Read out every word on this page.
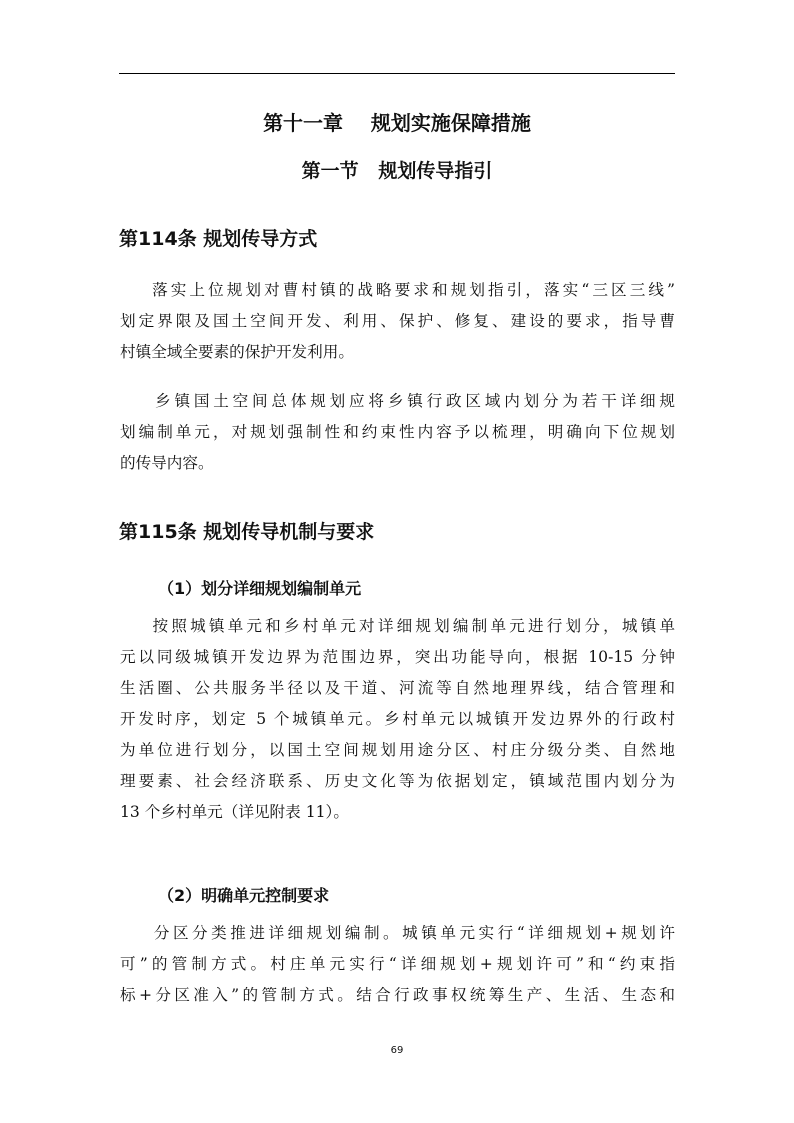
第十一章    规划实施保障措施
第一节   规划传导指引
第114条 规划传导方式
落实上位规划对曹村镇的战略要求和规划指引，落实“三区三线”
划定界限及国土空间开发、利用、保护、修复、建设的要求，指导曹
村镇全域全要素的保护开发利用。
乡镇国土空间总体规划应将乡镇行政区域内划分为若干详细规
划编制单元，对规划强制性和约束性内容予以梳理，明确向下位规划
的传导内容。
第115条 规划传导机制与要求
（1）划分详细规划编制单元
按照城镇单元和乡村单元对详细规划编制单元进行划分，城镇单
元以同级城镇开发边界为范围边界，突出功能导向，根据 10-15 分钟
生活圈、公共服务半径以及干道、河流等自然地理界线，结合管理和
开发时序，划定 5 个城镇单元。乡村单元以城镇开发边界外的行政村
为单位进行划分，以国土空间规划用途分区、村庄分级分类、自然地
理要素、社会经济联系、历史文化等为依据划定，镇域范围内划分为
13 个乡村单元（详见附表 11）。
（2）明确单元控制要求
分区分类推进详细规划编制。城镇单元实行“详细规划+规划许
可”的管制方式。村庄单元实行“详细规划+规划许可”和“约束指
标+分区准入”的管制方式。结合行政事权统筹生产、生活、生态和
69
